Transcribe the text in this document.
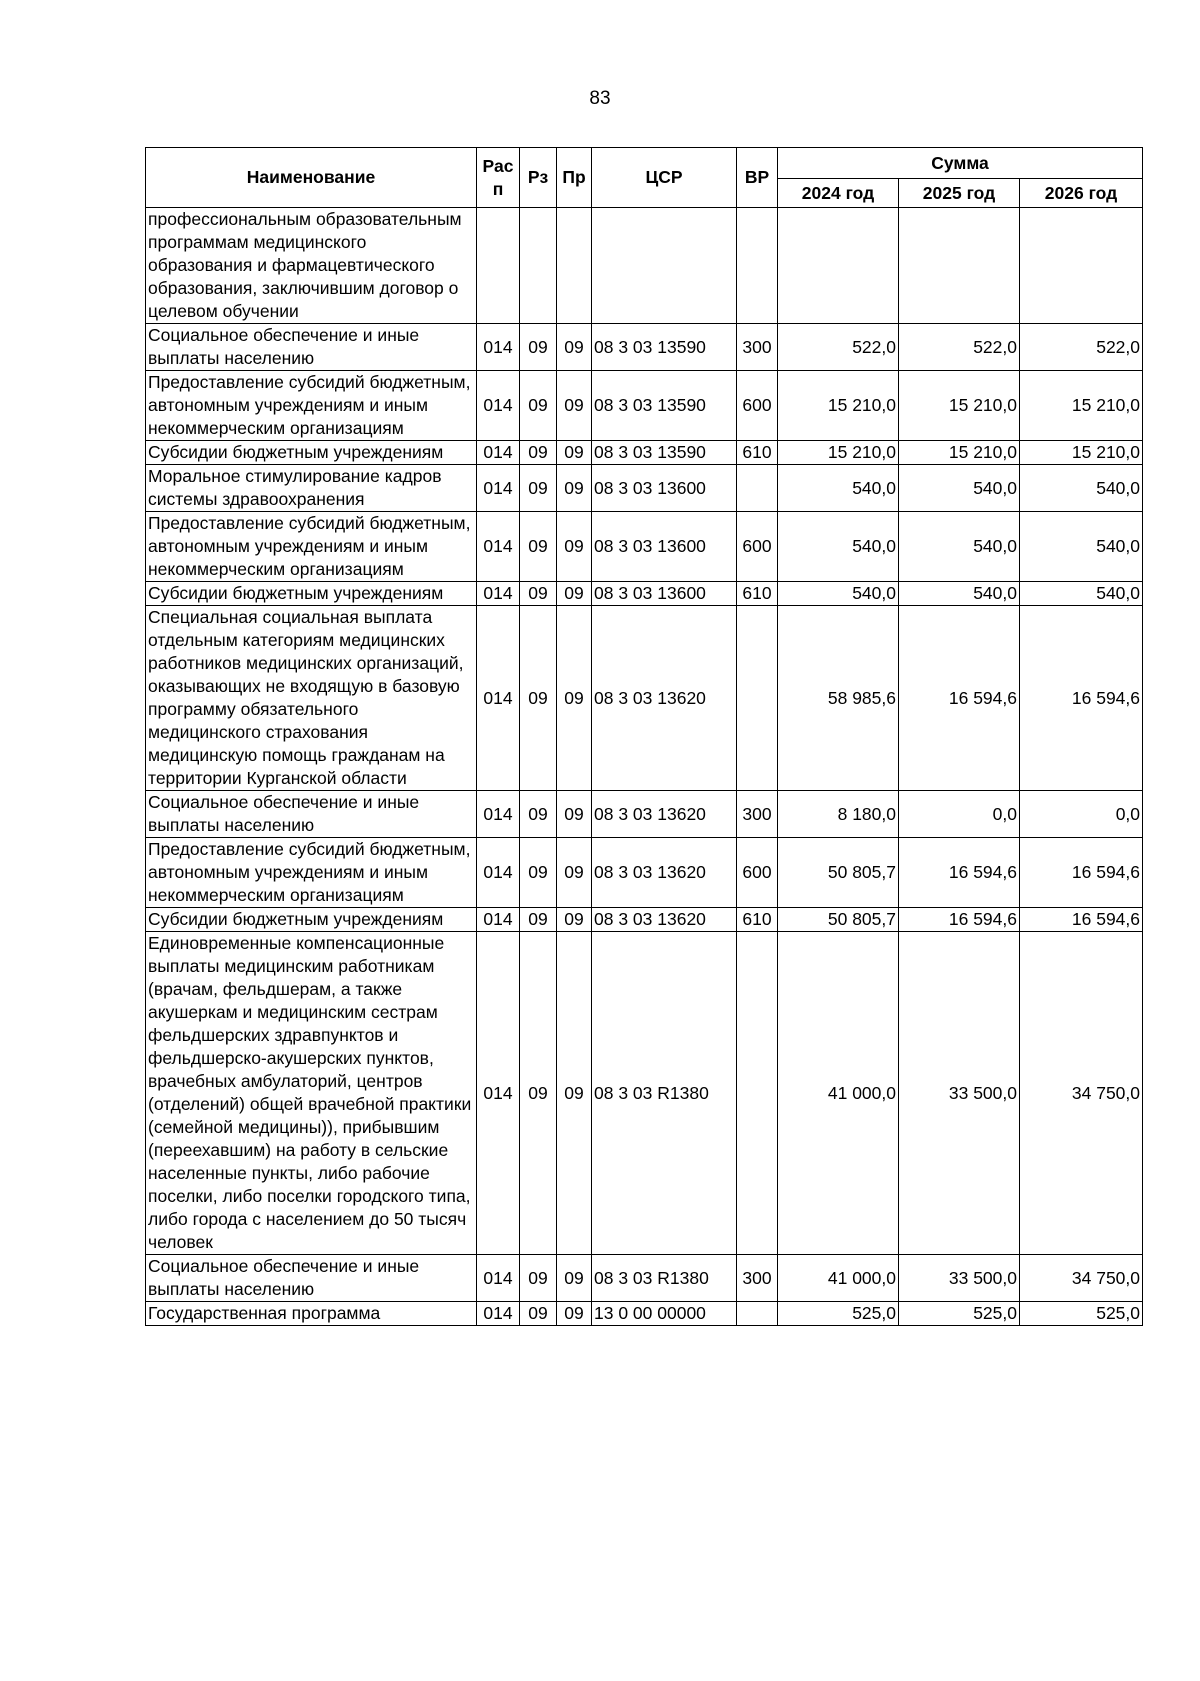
83
Наименование	Рас п	Рз	Пр	ЦСР	ВР	Сумма		
						2024 год	2025 год	2026 год
профессиональным образовательным программам медицинского образования и фармацевтического образования, заключившим договор о целевом обучении								
Социальное обеспечение и иные выплаты населению	014	09	09	08 3 03 13590	300	522,0	522,0	522,0
Предоставление субсидий бюджетным, автономным учреждениям и иным некоммерческим организациям	014	09	09	08 3 03 13590	600	15 210,0	15 210,0	15 210,0
Субсидии бюджетным учреждениям	014	09	09	08 3 03 13590	610	15 210,0	15 210,0	15 210,0
Моральное стимулирование кадров системы здравоохранения	014	09	09	08 3 03 13600		540,0	540,0	540,0
Предоставление субсидий бюджетным, автономным учреждениям и иным некоммерческим организациям	014	09	09	08 3 03 13600	600	540,0	540,0	540,0
Субсидии бюджетным учреждениям	014	09	09	08 3 03 13600	610	540,0	540,0	540,0
Специальная социальная выплата отдельным категориям медицинских работников медицинских организаций, оказывающих не входящую в базовую программу обязательного медицинского страхования медицинскую помощь гражданам на территории Курганской области	014	09	09	08 3 03 13620		58 985,6	16 594,6	16 594,6
Социальное обеспечение и иные выплаты населению	014	09	09	08 3 03 13620	300	8 180,0	0,0	0,0
Предоставление субсидий бюджетным, автономным учреждениям и иным некоммерческим организациям	014	09	09	08 3 03 13620	600	50 805,7	16 594,6	16 594,6
Субсидии бюджетным учреждениям	014	09	09	08 3 03 13620	610	50 805,7	16 594,6	16 594,6
Единовременные компенсационные выплаты медицинским работникам (врачам, фельдшерам, а также акушеркам и медицинским сестрам фельдшерских здравпунктов и фельдшерско-акушерских пунктов, врачебных амбулаторий, центров (отделений) общей врачебной практики (семейной медицины)), прибывшим (переехавшим) на работу в сельские населенные пункты, либо рабочие поселки, либо поселки городского типа, либо города с населением до 50 тысяч человек	014	09	09	08 3 03 R1380		41 000,0	33 500,0	34 750,0
Социальное обеспечение и иные выплаты населению	014	09	09	08 3 03 R1380	300	41 000,0	33 500,0	34 750,0
Государственная программа	014	09	09	13 0 00 00000		525,0	525,0	525,0
